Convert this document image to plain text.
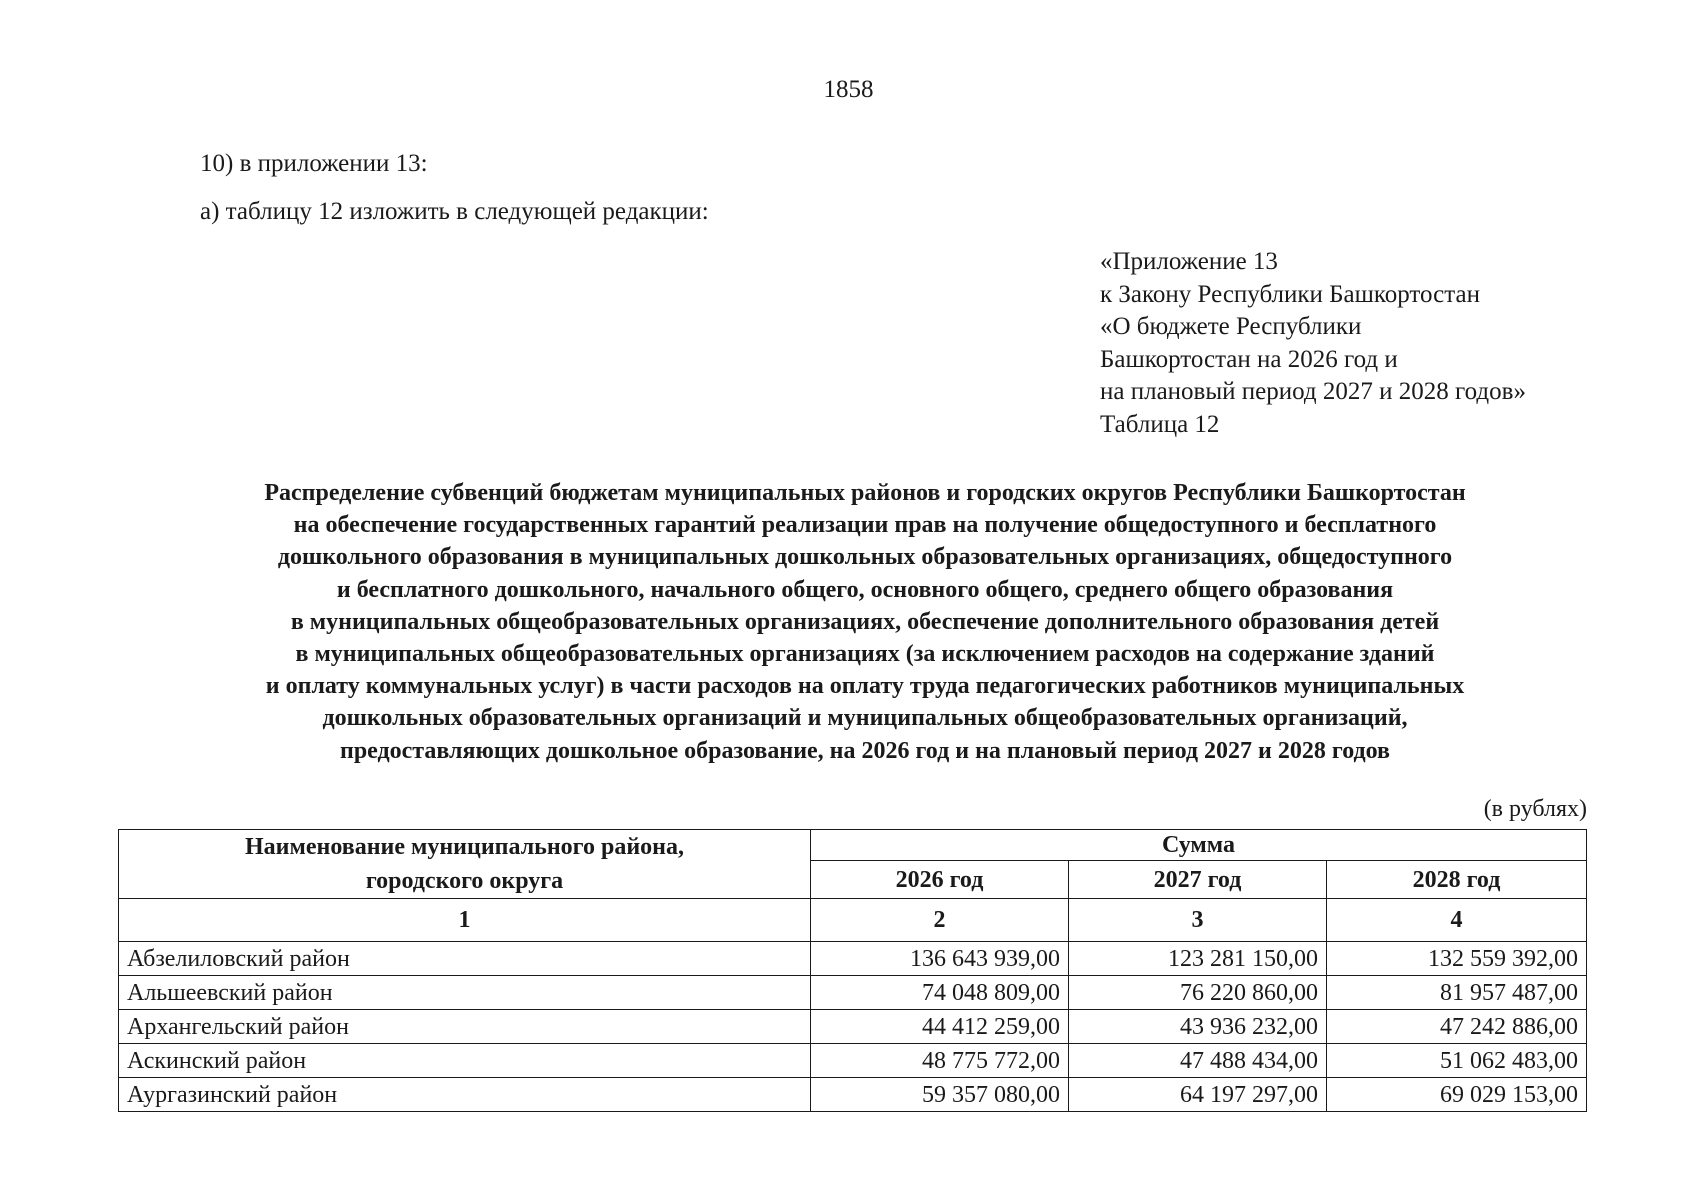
1858
10) в приложении 13:
а) таблицу 12 изложить в следующей редакции:
«Приложение 13
к Закону Республики Башкортостан
«О бюджете Республики
Башкортостан на 2026 год и
на плановый период 2027 и 2028 годов»
Таблица 12
Распределение субвенций бюджетам муниципальных районов и городских округов Республики Башкортостан
на обеспечение государственных гарантий реализации прав на получение общедоступного и бесплатного
дошкольного образования в муниципальных дошкольных образовательных организациях, общедоступного
и бесплатного дошкольного, начального общего, основного общего, среднего общего образования
в муниципальных общеобразовательных организациях, обеспечение дополнительного образования детей
в муниципальных общеобразовательных организациях (за исключением расходов на содержание зданий
и оплату коммунальных услуг) в части расходов на оплату труда педагогических работников муниципальных
дошкольных образовательных организаций и муниципальных общеобразовательных организаций,
предоставляющих дошкольное образование, на 2026 год и на плановый период 2027 и 2028 годов
(в рублях)
Наименование муниципального района,
городского округа	Сумма		
	2026 год	2027 год	2028 год
1	2	3	4
Абзелиловский район	136 643 939,00	123 281 150,00	132 559 392,00
Альшеевский район	74 048 809,00	76 220 860,00	81 957 487,00
Архангельский район	44 412 259,00	43 936 232,00	47 242 886,00
Аскинский район	48 775 772,00	47 488 434,00	51 062 483,00
Аургазинский район	59 357 080,00	64 197 297,00	69 029 153,00
